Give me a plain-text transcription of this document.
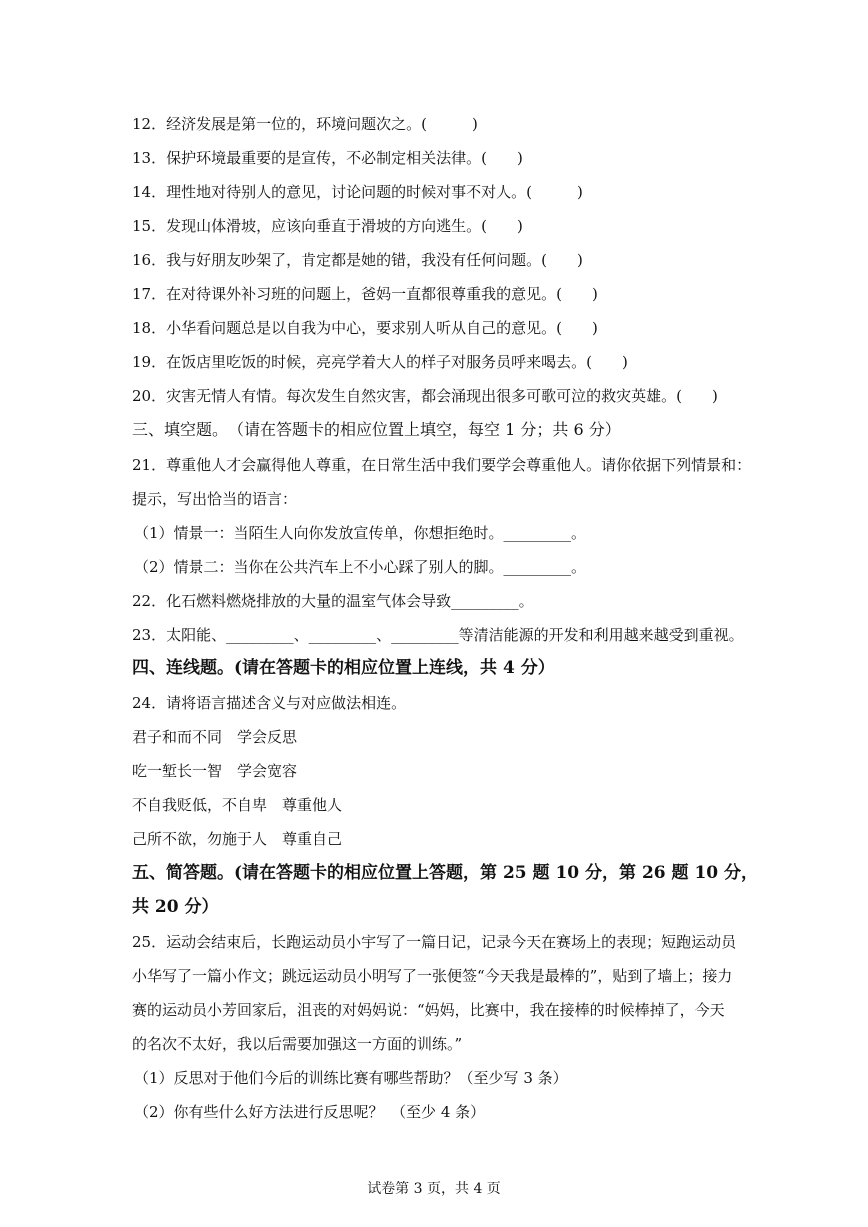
12．经济发展是第一位的，环境问题次之。(　　　)
13．保护环境最重要的是宣传，不必制定相关法律。(　　)
14．理性地对待别人的意见，讨论问题的时候对事不对人。(　　　)
15．发现山体滑坡，应该向垂直于滑坡的方向逃生。(　　)
16．我与好朋友吵架了，肯定都是她的错，我没有任何问题。(　　)
17．在对待课外补习班的问题上，爸妈一直都很尊重我的意见。(　　)
18．小华看问题总是以自我为中心，要求别人听从自己的意见。(　　)
19．在饭店里吃饭的时候，亮亮学着大人的样子对服务员呼来喝去。(　　)
20．灾害无情人有情。每次发生自然灾害，都会涌现出很多可歌可泣的救灾英雄。(　　)
三、填空题。　（请在答题卡的相应位置上填空，每空 1 分；共 6 分）
21．尊重他人才会赢得他人尊重，在日常生活中我们要学会尊重他人。请你依据下列情景和：
提示，写出恰当的语言：
（1）情景一：当陌生人向你发放宣传单，你想拒绝时。_________。
（2）情景二：当你在公共汽车上不小心踩了别人的脚。_________。
22．化石燃料燃烧排放的大量的温室气体会导致_________。
23．太阳能、_________、_________、_________等清洁能源的开发和利用越来越受到重视。
四、连线题。(请在答题卡的相应位置上连线，共 4 分）
24．请将语言描述含义与对应做法相连。
君子和而不同　学会反思
吃一堑长一智　学会宽容
不自我贬低，不自卑　尊重他人
己所不欲，勿施于人　尊重自己
五、简答题。(请在答题卡的相应位置上答题，第 25 题 10 分，第 26 题 10 分，
共 20 分）
25．运动会结束后，长跑运动员小宇写了一篇日记，记录今天在赛场上的表现；短跑运动员
小华写了一篇小作文；跳远运动员小明写了一张便签“今天我是最棒的”，贴到了墙上；接力
赛的运动员小芳回家后，沮丧的对妈妈说：“妈妈，比赛中，我在接棒的时候棒掉了，今天
的名次不太好，我以后需要加强这一方面的训练。”
（1）反思对于他们今后的训练比赛有哪些帮助？（至少写 3 条）
（2）你有些什么好方法进行反思呢？　（至少 4 条）
试卷第 3 页，共 4 页
